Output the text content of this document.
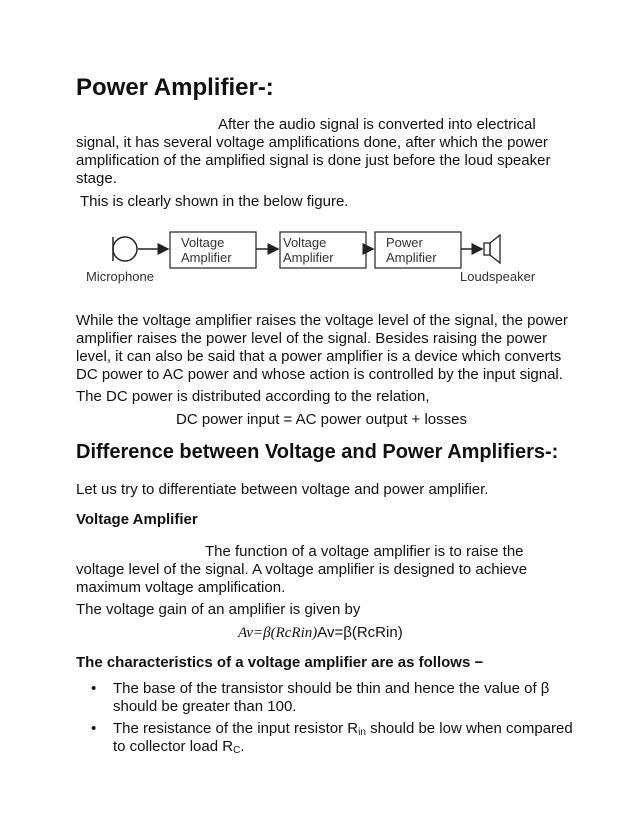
Power Amplifier-:
After the audio signal is converted into electrical
signal, it has several voltage amplifications done, after which the power
amplification of the amplified signal is done just before the loud speaker
stage.
This is clearly shown in the below figure.
Voltage
Amplifier
Voltage
Amplifier
Power
Amplifier
Microphone	Loudspeaker
While the voltage amplifier raises the voltage level of the signal, the power
amplifier raises the power level of the signal. Besides raising the power
level, it can also be said that a power amplifier is a device which converts
DC power to AC power and whose action is controlled by the input signal.
The DC power is distributed according to the relation,
DC power input = AC power output + losses
Difference between Voltage and Power Amplifiers-:
Let us try to differentiate between voltage and power amplifier.
Voltage Amplifier
The function of a voltage amplifier is to raise the
voltage level of the signal. A voltage amplifier is designed to achieve
maximum voltage amplification.
The voltage gain of an amplifier is given by
Av=β(RcRin)Av=β(RcRin)
The characteristics of a voltage amplifier are as follows −
• The base of the transistor should be thin and hence the value of β
should be greater than 100.
• The resistance of the input resistor $R_{in}$ should be low when compared
to collector load $R_C$.
